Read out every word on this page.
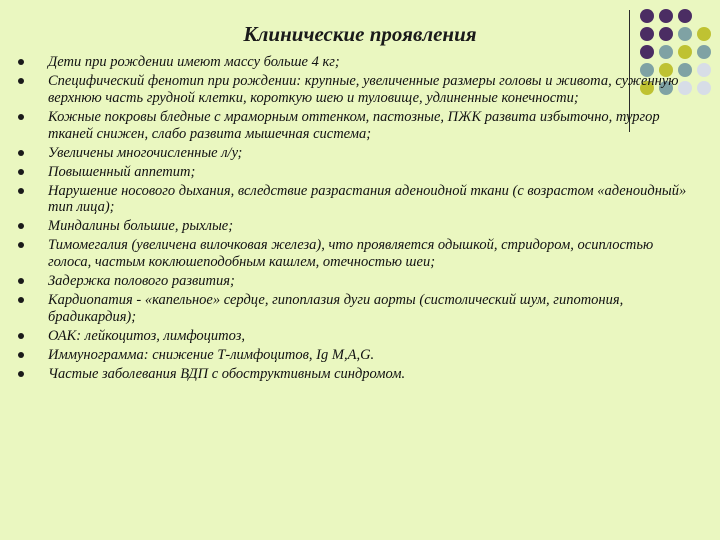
Клинические проявления
Дети при рождении имеют массу больше 4 кг;
Специфический фенотип при рождении: крупные, увеличенные размеры головы и живота, суженную верхнюю часть грудной клетки, короткую шею и туловище, удлиненные конечности;
Кожные покровы бледные с мраморным оттенком, пастозные, ПЖК развита избыточно, тургор тканей снижен, слабо развита мышечная система;
Увеличены многочисленные л/у;
Повышенный аппетит;
Нарушение носового дыхания, вследствие разрастания аденоидной ткани (с возрастом «аденоидный» тип лица);
Миндалины большие, рыхлые;
Тимомегалия (увеличена вилочковая железа), что проявляется одышкой, стридором, осиплостью голоса, частым коклюшеподобным кашлем, отечностью шеи;
Задержка полового развития;
Кардиопатия - «капельное» сердце, гипоплазия дуги аорты (систолический шум, гипотония, брадикардия);
ОАК: лейкоцитоз, лимфоцитоз,
Иммунограмма: снижение Т-лимфоцитов, Ig M,A,G.
Частые заболевания ВДП с обоструктивным синдромом.
